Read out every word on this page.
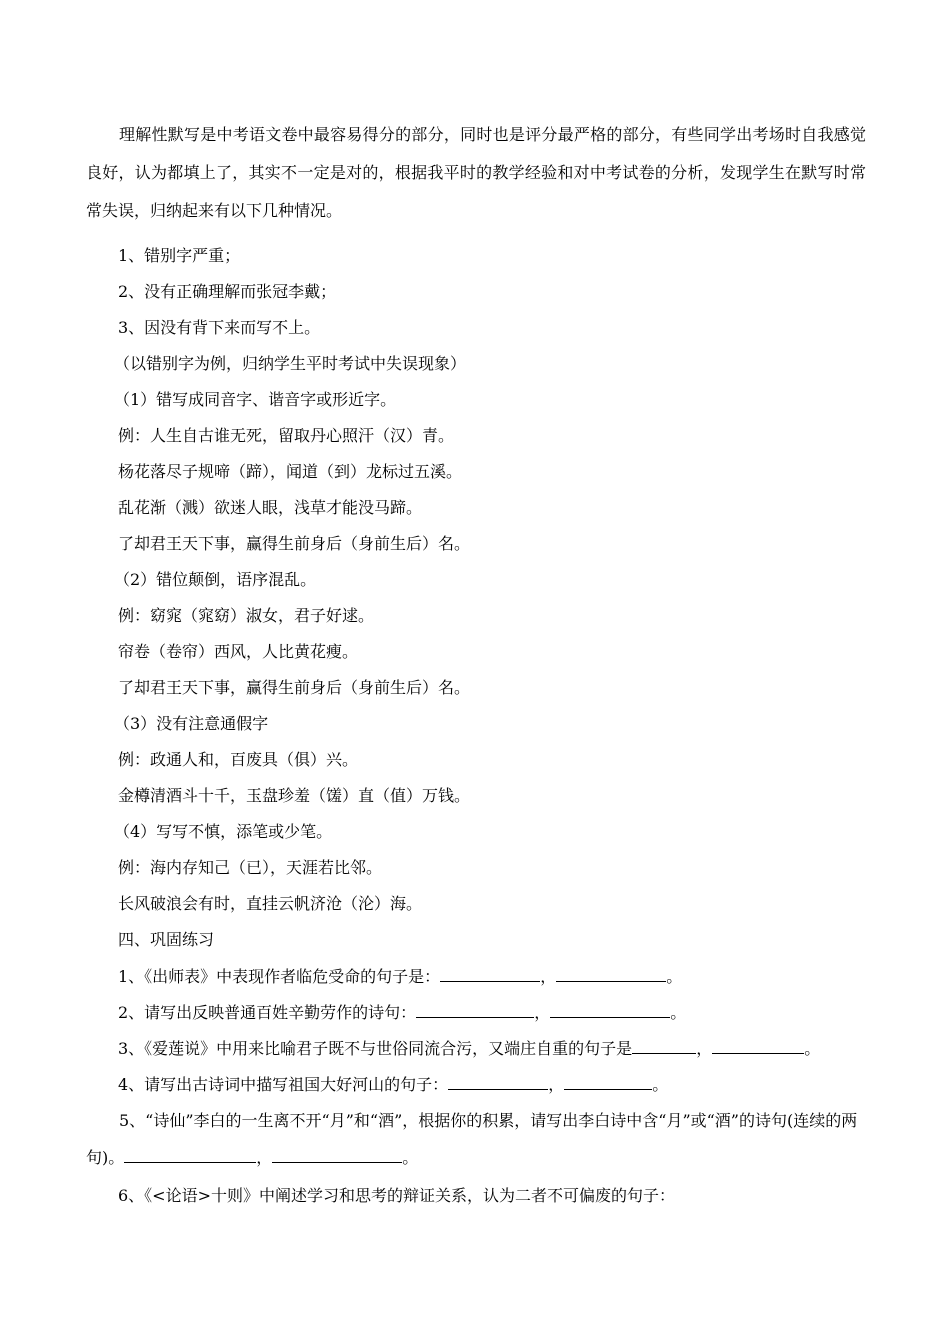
理解性默写是中考语文卷中最容易得分的部分，同时也是评分最严格的部分，有些同学出考场时自我感觉良好，认为都填上了，其实不一定是对的，根据我平时的教学经验和对中考试卷的分析，发现学生在默写时常常失误，归纳起来有以下几种情况。

1、错别字严重；

2、没有正确理解而张冠李戴；

3、因没有背下来而写不上。

（以错别字为例，归纳学生平时考试中失误现象）

（1）错写成同音字、谐音字或形近字。

例：人生自古谁无死，留取丹心照汗（汉）青。

杨花落尽子规啼（蹄），闻道（到）龙标过五溪。

乱花渐（溅）欲迷人眼，浅草才能没马蹄。

了却君王天下事，赢得生前身后（身前生后）名。

（2）错位颠倒，语序混乱。

例：窈窕（窕窈）淑女，君子好逑。

帘卷（卷帘）西风，人比黄花瘦。

了却君王天下事，赢得生前身后（身前生后）名。

（3）没有注意通假字

例：政通人和，百废具（俱）兴。

金樽清酒斗十千，玉盘珍羞（馐）直（值）万钱。

（4）写写不慎，添笔或少笔。

例：海内存知己（已），天涯若比邻。

长风破浪会有时，直挂云帆济沧（沦）海。

四、巩固练习

1、《出师表》中表现作者临危受命的句子是：	，	。

2、请写出反映普通百姓辛勤劳作的诗句：	，	。

3、《爱莲说》中用来比喻君子既不与世俗同流合污，又端庄自重的句子是	，	。

4、请写出古诗词中描写祖国大好河山的句子：	，	。

5、“诗仙”李白的一生离不开“月”和“酒”，根据你的积累，请写出李白诗中含“月”或“酒”的诗句(连续的两句)。	，	。

6、《<论语>十则》中阐述学习和思考的辩证关系，认为二者不可偏废的句子：
